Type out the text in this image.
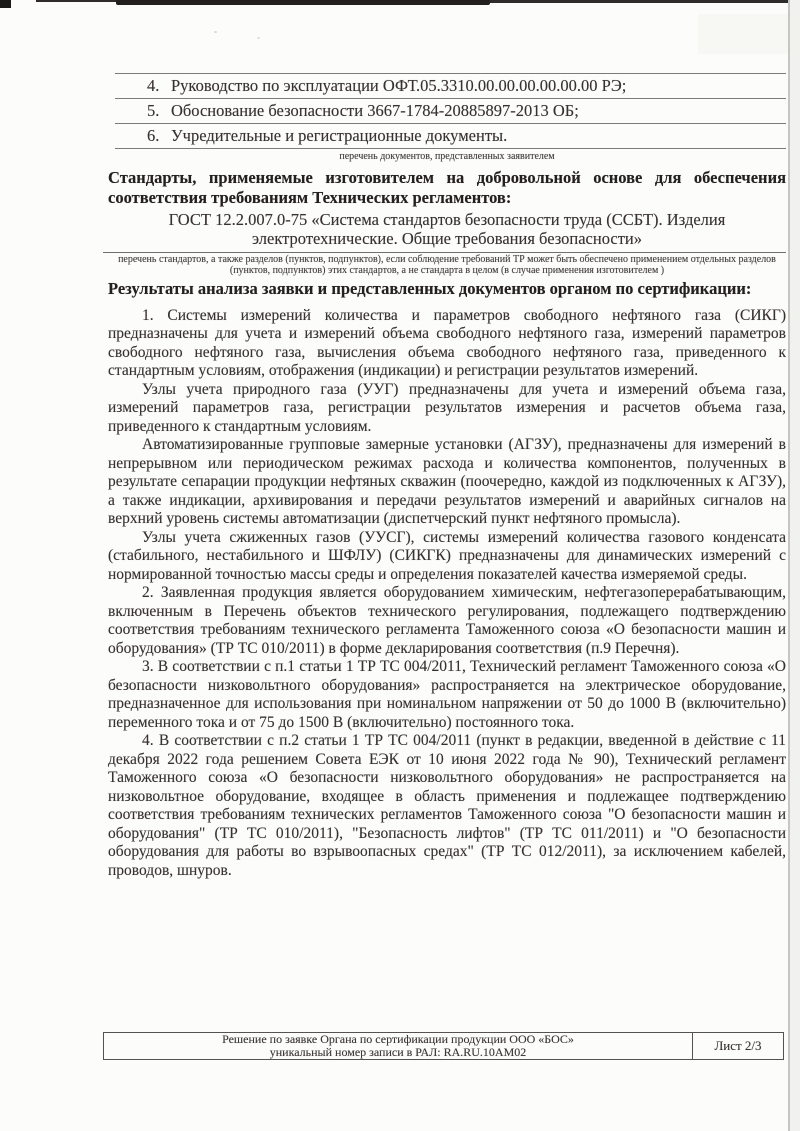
4. Руководство по эксплуатации ОФТ.05.3310.00.00.00.00.00.00 РЭ;
5. Обоснование безопасности 3667-1784-20885897-2013 ОБ;
6. Учредительные и регистрационные документы.
перечень документов, представленных заявителем
Стандарты, применяемые изготовителем на добровольной основе для обеспечения соответствия требованиям Технических регламентов:
ГОСТ 12.2.007.0-75 «Система стандартов безопасности труда (ССБТ). Изделия
электротехнические. Общие требования безопасности»
перечень стандартов, а также разделов (пунктов, подпунктов), если соблюдение требований ТР может быть обеспечено применением отдельных разделов (пунктов, подпунктов) этих стандартов, а не стандарта в целом (в случае применения изготовителем )
Результаты анализа заявки и представленных документов органом по сертификации:

1. Системы измерений количества и параметров свободного нефтяного газа (СИКГ) предназначены для учета и измерений объема свободного нефтяного газа, измерений параметров свободного нефтяного газа, вычисления объема свободного нефтяного газа, приведенного к стандартным условиям, отображения (индикации) и регистрации результатов измерений.

Узлы учета природного газа (УУГ) предназначены для учета и измерений объема газа, измерений параметров газа, регистрации результатов измерения и расчетов объема газа, приведенного к стандартным условиям.

Автоматизированные групповые замерные установки (АГЗУ), предназначены для измерений в непрерывном или периодическом режимах расхода и количества компонентов, полученных в результате сепарации продукции нефтяных скважин (поочередно, каждой из подключенных к АГЗУ), а также индикации, архивирования и передачи результатов измерений и аварийных сигналов на верхний уровень системы автоматизации (диспетчерский пункт нефтяного промысла).

Узлы учета сжиженных газов (УУСГ), системы измерений количества газового конденсата (стабильного, нестабильного и ШФЛУ) (СИКГК) предназначены для динамических измерений с нормированной точностью массы среды и определения показателей качества измеряемой среды.

2. Заявленная продукция является оборудованием химическим, нефтегазоперерабатывающим, включенным в Перечень объектов технического регулирования, подлежащего подтверждению соответствия требованиям технического регламента Таможенного союза «О безопасности машин и оборудования» (ТР ТС 010/2011) в форме декларирования соответствия (п.9 Перечня).

3. В соответствии с п.1 статьи 1 ТР ТС 004/2011, Технический регламент Таможенного союза «О безопасности низковольтного оборудования» распространяется на электрическое оборудование, предназначенное для использования при номинальном напряжении от 50 до 1000 В (включительно) переменного тока и от 75 до 1500 В (включительно) постоянного тока.

4. В соответствии с п.2 статьи 1 ТР ТС 004/2011 (пункт в редакции, введенной в действие с 11 декабря 2022 года решением Совета ЕЭК от 10 июня 2022 года № 90), Технический регламент Таможенного союза «О безопасности низковольтного оборудования» не распространяется на низковольтное оборудование, входящее в область применения и подлежащее подтверждению соответствия требованиям технических регламентов Таможенного союза "О безопасности машин и оборудования" (ТР ТС 010/2011), "Безопасность лифтов" (ТР ТС 011/2011) и "О безопасности оборудования для работы во взрывоопасных средах" (ТР ТС 012/2011), за исключением кабелей, проводов, шнуров.

Решение по заявке Органа по сертификации продукции ООО «БОС»
уникальный номер записи в РАЛ: RA.RU.10AM02	Лист 2/3
